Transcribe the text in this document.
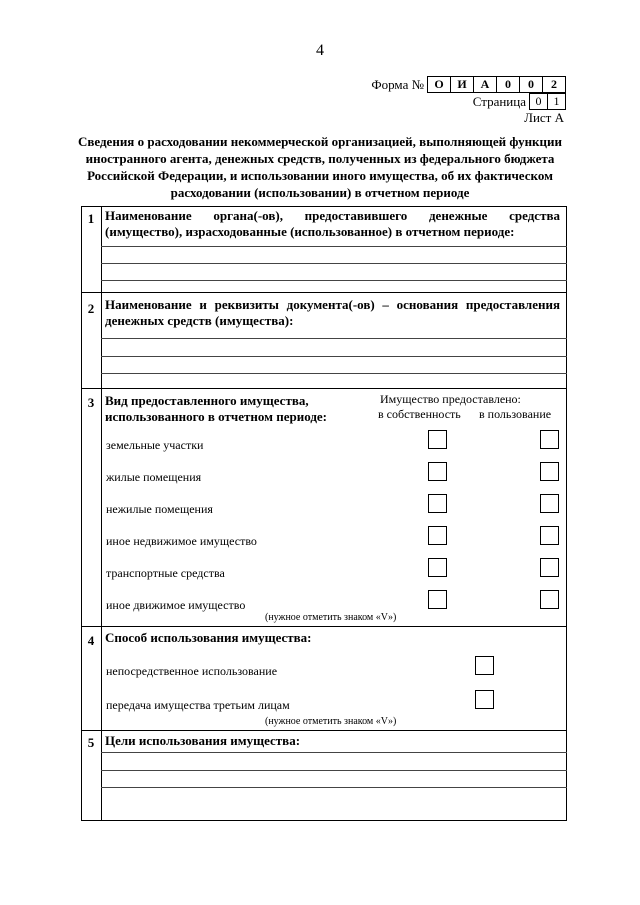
4
Форма № О	И	А	0	0	2
Страница 0	1
Лист А
Сведения о расходовании некоммерческой организацией, выполняющей функции
иностранного агента, денежных средств, полученных из федерального бюджета
Российской Федерации, и использовании иного имущества, об их фактическом
расходовании (использовании) в отчетном периоде
1 Наименование органа(-ов), предоставившего денежные средства
(имущество), израсходованные (использованное) в отчетном периоде:
2 Наименование и реквизиты документа(-ов) – основания предоставления
денежных средств (имущества):
3 Вид предоставленного имущества,
использованного в отчетном периоде:
Имущество предоставлено:
в собственность в пользование
земельные участки
жилые помещения
нежилые помещения
иное недвижимое имущество
транспортные средства
иное движимое имущество
(нужное отметить знаком «V»)
4 Способ использования имущества:
непосредственное использование
передача имущества третьим лицам
(нужное отметить знаком «V»)
5 Цели использования имущества:
